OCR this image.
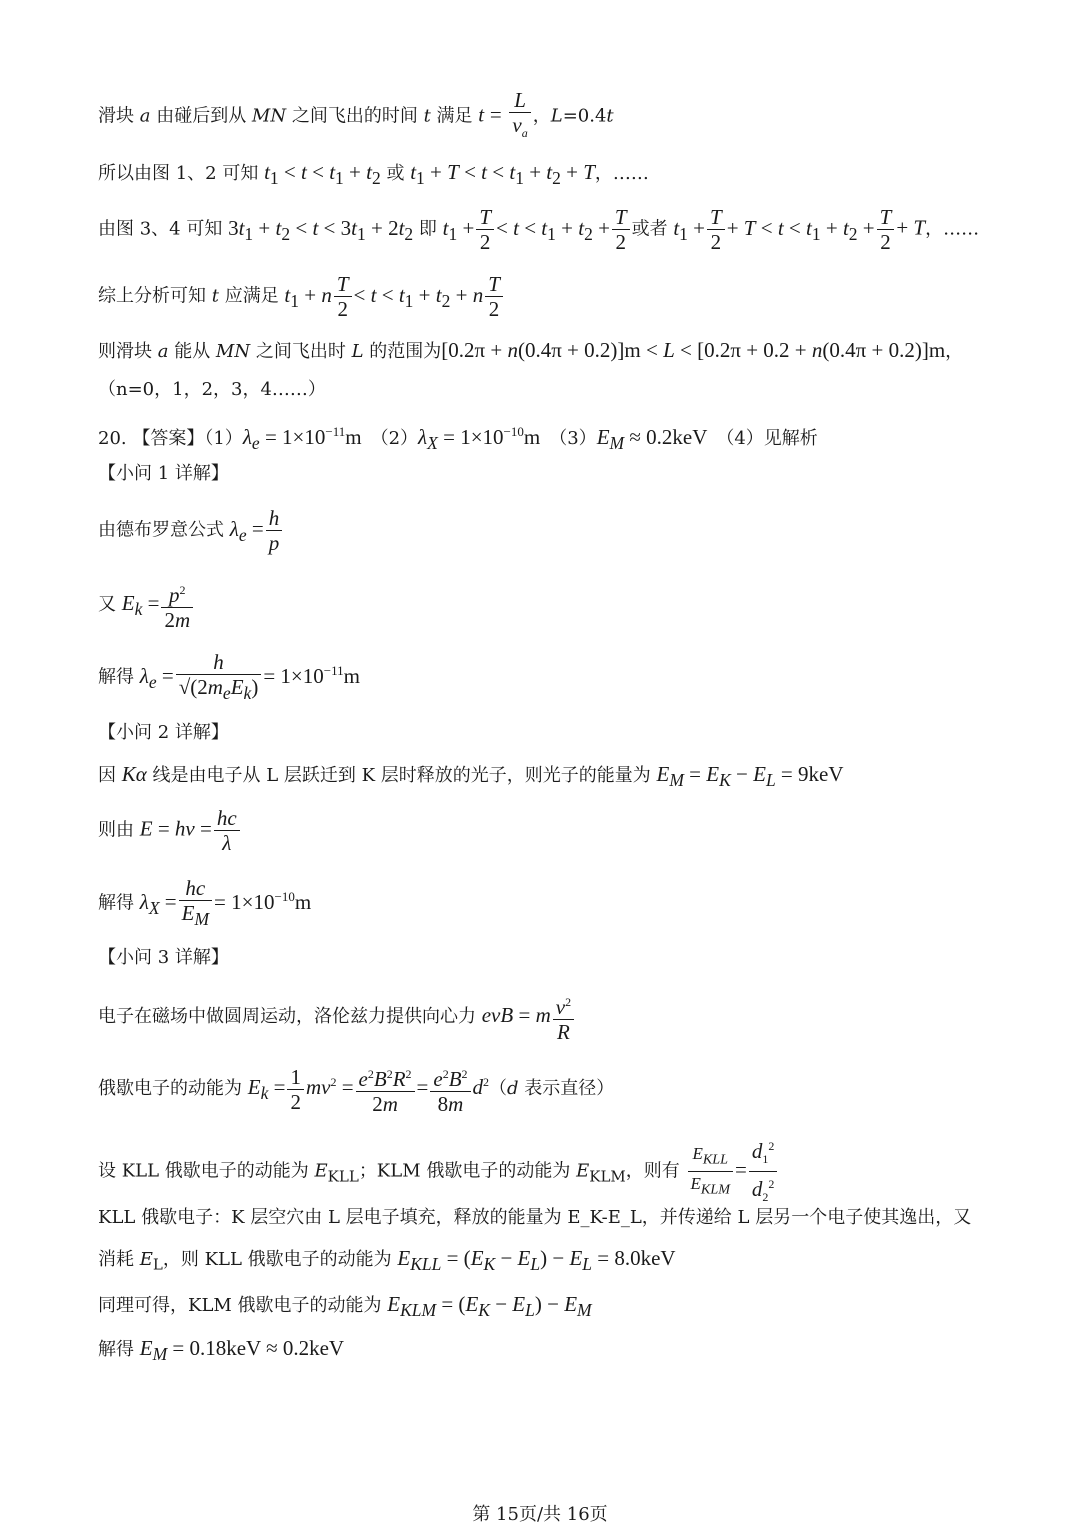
滑块 a 由碰后到从 MN 之间飞出的时间 t 满足 $t = \frac{L}{v_a}$ ，L=0.4t
所以由图 1、2 可知 $t_1 < t < t_1 + t_2$ 或 $t_1 + T < t < t_1 + t_2 + T$，……
由图 3、4 可知 $3t_1 + t_2 < t < 3t_1 + 2t_2$ 即 $t_1 + \frac{T}{2} < t < t_1 + t_2 + \frac{T}{2}$ 或者 $t_1 + \frac{T}{2} + T < t < t_1 + t_2 + \frac{T}{2} + T$，……
综上分析可知 t 应满足 $t_1 + n \frac{T}{2} < t < t_1 + t_2 + n \frac{T}{2}$
则滑块 a 能从 MN 之间飞出时 L 的范围为[0.2π + n(0.4π + 0.2)]m < L < [0.2π + 0.2 + n(0.4π + 0.2)]m，
（n=0，1，2，3，4……）
20. 【答案】$(1)\lambda_e = 1\times 10^{-11}m$　$(2)\lambda_X = 1\times 10^{-10}m$　$(3)E_M \approx 0.2keV$　（4）见解析
【小问 1 详解】
由德布罗意公式 $\lambda_e = \frac{h}{p}$
又 $E_k = \frac{p^2}{2m}$
解得 $\lambda_e = \frac{h}{√(2m_eE_k)} = 1\times 10^{-11}m$
【小问 2 详解】
因 Kα 线是由电子从 L 层跃迁到 K 层时释放的光子，则光子的能量为 $E_M = E_K - E_L = 9keV$
则由 $E = h\nu = \frac{hc}{\lambda}$
解得 $\lambda_X = \frac{hc}{E_M} = 1\times 10^{-10}m$
【小问 3 详解】
电子在磁场中做圆周运动，洛伦兹力提供向心力 evB = m $\frac{v^2}{R}$
俄歇电子的动能为 $E_k = \frac{1}{2} mv^2 = \frac{e^2B^2R^2}{2m} = \frac{e^2B^2}{8m} d^2(d$ 表示直径）
设 KLL 俄歇电子的动能为 $E_{KLL}$；KLM 俄歇电子的动能为 $E_{KLM}$，则有 $\frac{E_{KLL}}{E_{KLM}} = \frac{d_1^2}{d_2^2}$
KLL 俄歇电子：K 层空穴由 L 层电子填充，释放的能量为 E_K-E_L，并传递给 L 层另一个电子使其逸出，又
消耗 $E_L$，则 KLL 俄歇电子的动能为 $E_{KLL} = (E_K - E_L) - E_L = 8.0keV$
同理可得，KLM 俄歇电子的动能为 $E_{KLM} = (E_K - E_L) - E_M$
解得 $E_M = 0.18keV \approx 0.2keV$
第 15页/共 16页
